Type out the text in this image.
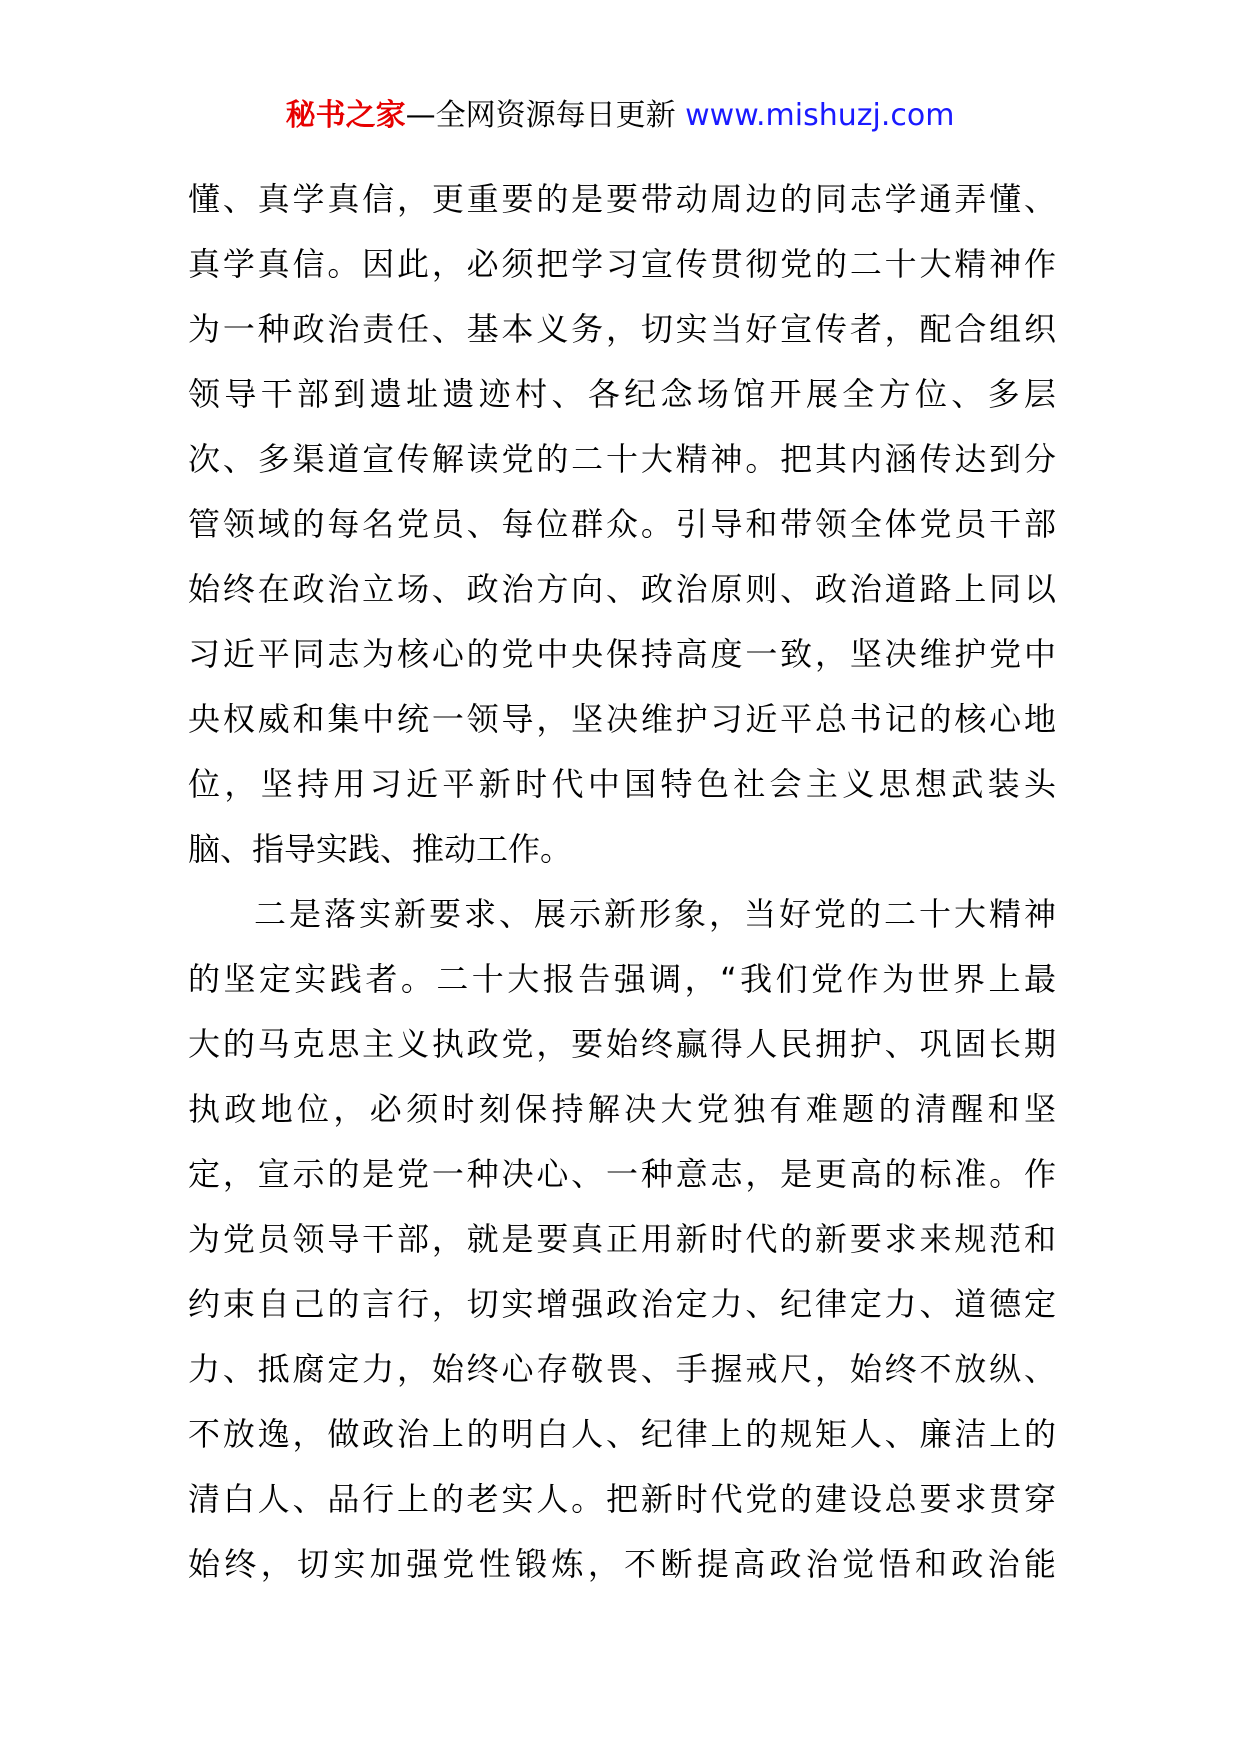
秘书之家—全网资源每日更新 www.mishuzj.com
懂、真学真信，更重要的是要带动周边的同志学通弄懂、
真学真信。因此，必须把学习宣传贯彻党的二十大精神作
为一种政治责任、基本义务，切实当好宣传者，配合组织
领导干部到遗址遗迹村、各纪念场馆开展全方位、多层
次、多渠道宣传解读党的二十大精神。把其内涵传达到分
管领域的每名党员、每位群众。引导和带领全体党员干部
始终在政治立场、政治方向、政治原则、政治道路上同以
习近平同志为核心的党中央保持高度一致，坚决维护党中
央权威和集中统一领导，坚决维护习近平总书记的核心地
位，坚持用习近平新时代中国特色社会主义思想武装头
脑、指导实践、推动工作。
二是落实新要求、展示新形象，当好党的二十大精神
的坚定实践者。二十大报告强调，“我们党作为世界上最
大的马克思主义执政党，要始终赢得人民拥护、巩固长期
执政地位，必须时刻保持解决大党独有难题的清醒和坚
定，宣示的是党一种决心、一种意志，是更高的标准。作
为党员领导干部，就是要真正用新时代的新要求来规范和
约束自己的言行，切实增强政治定力、纪律定力、道德定
力、抵腐定力，始终心存敬畏、手握戒尺，始终不放纵、
不放逸，做政治上的明白人、纪律上的规矩人、廉洁上的
清白人、品行上的老实人。把新时代党的建设总要求贯穿
始终，切实加强党性锻炼，不断提高政治觉悟和政治能
